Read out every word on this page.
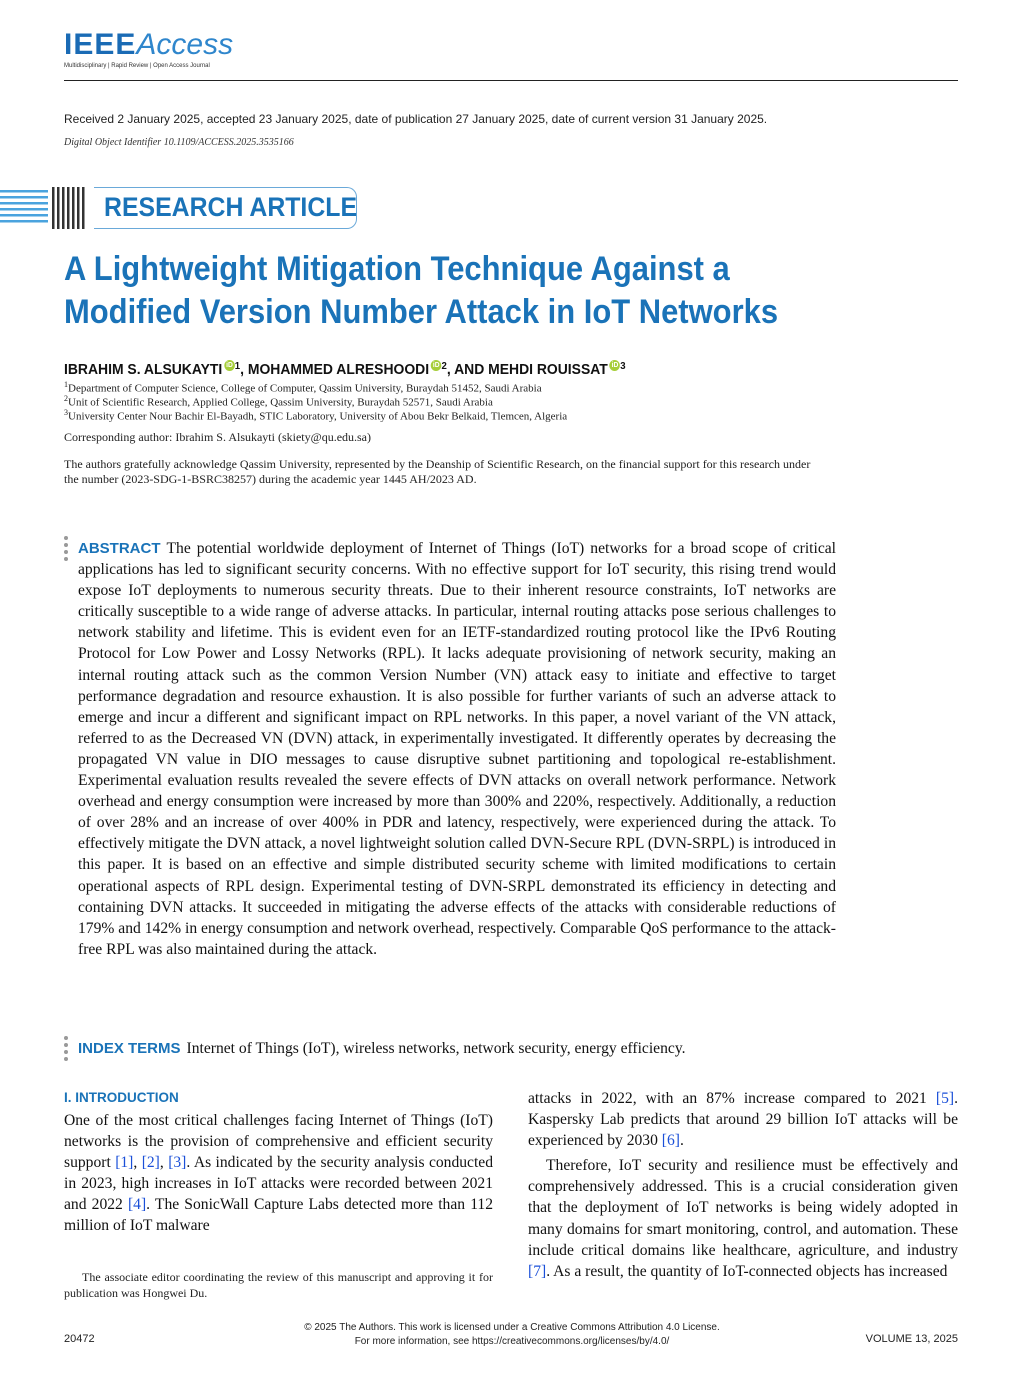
IEEEAccess
Multidisciplinary | Rapid Review | Open Access Journal
Received 2 January 2025, accepted 23 January 2025, date of publication 27 January 2025, date of current version 31 January 2025.
Digital Object Identifier 10.1109/ACCESS.2025.3535166
RESEARCH ARTICLE
A Lightweight Mitigation Technique Against a
Modified Version Number Attack in IoT Networks
IBRAHIM S. ALSUKAYTI iD $^1$, MOHAMMED ALRESHOODI iD $^2$, AND MEHDI ROUISSAT iD $^3$
$^1$Department of Computer Science, College of Computer, Qassim University, Buraydah 51452, Saudi Arabia
$^2$Unit of Scientific Research, Applied College, Qassim University, Buraydah 52571, Saudi Arabia
$^3$University Center Nour Bachir El-Bayadh, STIC Laboratory, University of Abou Bekr Belkaid, Tlemcen, Algeria
Corresponding author: Ibrahim S. Alsukayti (skiety@qu.edu.sa)
The authors gratefully acknowledge Qassim University, represented by the Deanship of Scientific Research, on the financial support for this research under the number (2023-SDG-1-BSRC38257) during the academic year 1445 AH/2023 AD.
ABSTRACT The potential worldwide deployment of Internet of Things (IoT) networks for a broad scope of critical applications has led to significant security concerns. With no effective support for IoT security, this rising trend would expose IoT deployments to numerous security threats. Due to their inherent resource constraints, IoT networks are critically susceptible to a wide range of adverse attacks. In particular, internal routing attacks pose serious challenges to network stability and lifetime. This is evident even for an IETF-standardized routing protocol like the IPv6 Routing Protocol for Low Power and Lossy Networks (RPL). It lacks adequate provisioning of network security, making an internal routing attack such as the common Version Number (VN) attack easy to initiate and effective to target performance degradation and resource exhaustion. It is also possible for further variants of such an adverse attack to emerge and incur a different and significant impact on RPL networks. In this paper, a novel variant of the VN attack, referred to as the Decreased VN (DVN) attack, in experimentally investigated. It differently operates by decreasing the propagated VN value in DIO messages to cause disruptive subnet partitioning and topological re-establishment. Experimental evaluation results revealed the severe effects of DVN attacks on overall network performance. Network overhead and energy consumption were increased by more than 300% and 220%, respectively. Additionally, a reduction of over 28% and an increase of over 400% in PDR and latency, respectively, were experienced during the attack. To effectively mitigate the DVN attack, a novel lightweight solution called DVN-Secure RPL (DVN-SRPL) is introduced in this paper. It is based on an effective and simple distributed security scheme with limited modifications to certain operational aspects of RPL design. Experimental testing of DVN-SRPL demonstrated its efficiency in detecting and containing DVN attacks. It succeeded in mitigating the adverse effects of the attacks with considerable reductions of 179% and 142% in energy consumption and network overhead, respectively. Comparable QoS performance to the attack-free RPL was also maintained during the attack.
INDEX TERMS Internet of Things (IoT), wireless networks, network security, energy efficiency.
I. INTRODUCTION

One of the most critical challenges facing Internet of Things (IoT) networks is the provision of comprehensive and efficient security support [1], [2], [3]. As indicated by the security analysis conducted in 2023, high increases in IoT attacks were recorded between 2021 and 2022 [4]. The SonicWall Capture Labs detected more than 112 million of IoT malware

The associate editor coordinating the review of this manuscript and approving it for publication was Hongwei Du.

attacks in 2022, with an 87% increase compared to 2021 [5]. Kaspersky Lab predicts that around 29 billion IoT attacks will be experienced by 2030 [6].

Therefore, IoT security and resilience must be effectively and comprehensively addressed. This is a crucial consideration given that the deployment of IoT networks is being widely adopted in many domains for smart monitoring, control, and automation. These include critical domains like healthcare, agriculture, and industry [7]. As a result, the quantity of IoT-connected objects has increased

© 2025 The Authors. This work is licensed under a Creative Commons Attribution 4.0 License.
For more information, see https://creativecommons.org/licenses/by/4.0/
20472	VOLUME 13, 2025
